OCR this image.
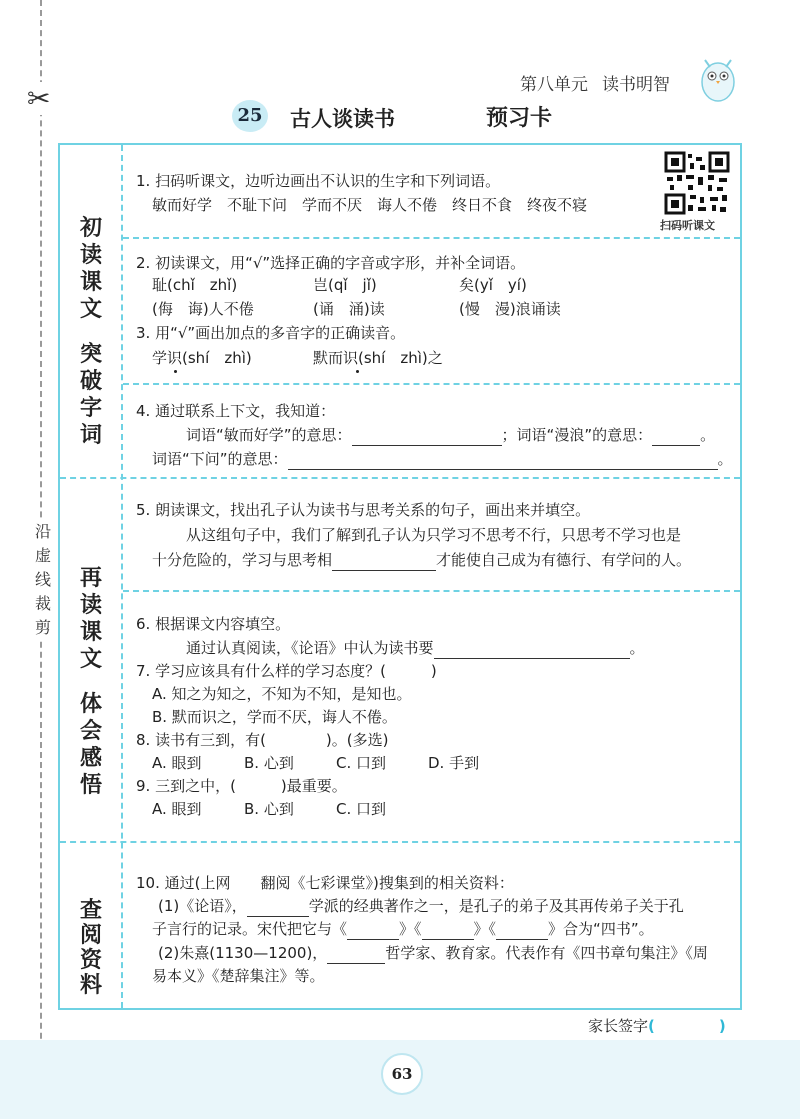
✂
沿
虚
线
裁
剪
第八单元 读书明智
25 古人谈读书	预习卡
初
读
课
文
突
破
字
词
再
读
课
文
体
会
感
悟
查阅
资料
扫码听课文
1. 扫码听课文，边听边画出不认识的生字和下列词语。
敏而好学　不耻下问　学而不厌　诲人不倦　终日不食　终夜不寝
2. 初读课文，用“√”选择正确的字音或字形，并补全词语。
耻(chǐ　zhǐ)	岂(qǐ　jǐ)	矣(yǐ　yí)
(侮　诲)人不倦	(诵　涌)读	(慢　漫)浪诵读
3. 用“√”画出加点的多音字的正确读音。
学识(shí　zhì)	默而识(shí　zhì)之
4. 通过联系上下文，我知道：
词语“敏而好学”的意思：	；词语“漫浪”的意思：	。
词语“下问”的意思：	。
5. 朗读课文，找出孔子认为读书与思考关系的句子，画出来并填空。
从这组句子中，我们了解到孔子认为只学习不思考不行，只思考不学习也是
十分危险的，学习与思考相	才能使自己成为有德行、有学问的人。
6. 根据课文内容填空。
通过认真阅读，《论语》中认为读书要	。
7. 学习应该具有什么样的学习态度？(　　　)
A. 知之为知之，不知为不知，是知也。
B. 默而识之，学而不厌，诲人不倦。
8. 读书有三到，有(　　　　)。(多选)
A. 眼到	B. 心到	C. 口到	D. 手到
9. 三到之中，(　　　)最重要。
A. 眼到	B. 心到	C. 口到
10. 通过(上网　　翻阅《七彩课堂》)搜集到的相关资料：
(1)《论语》，	学派的经典著作之一，是孔子的弟子及其再传弟子关于孔
子言行的记录。宋代把它与《	》《	》《	》合为“四书”。
(2)朱熹(1130—1200)，	哲学家、教育家。代表作有《四书章句集注》《周
易本义》《楚辞集注》等。
家长签字(	)
63
